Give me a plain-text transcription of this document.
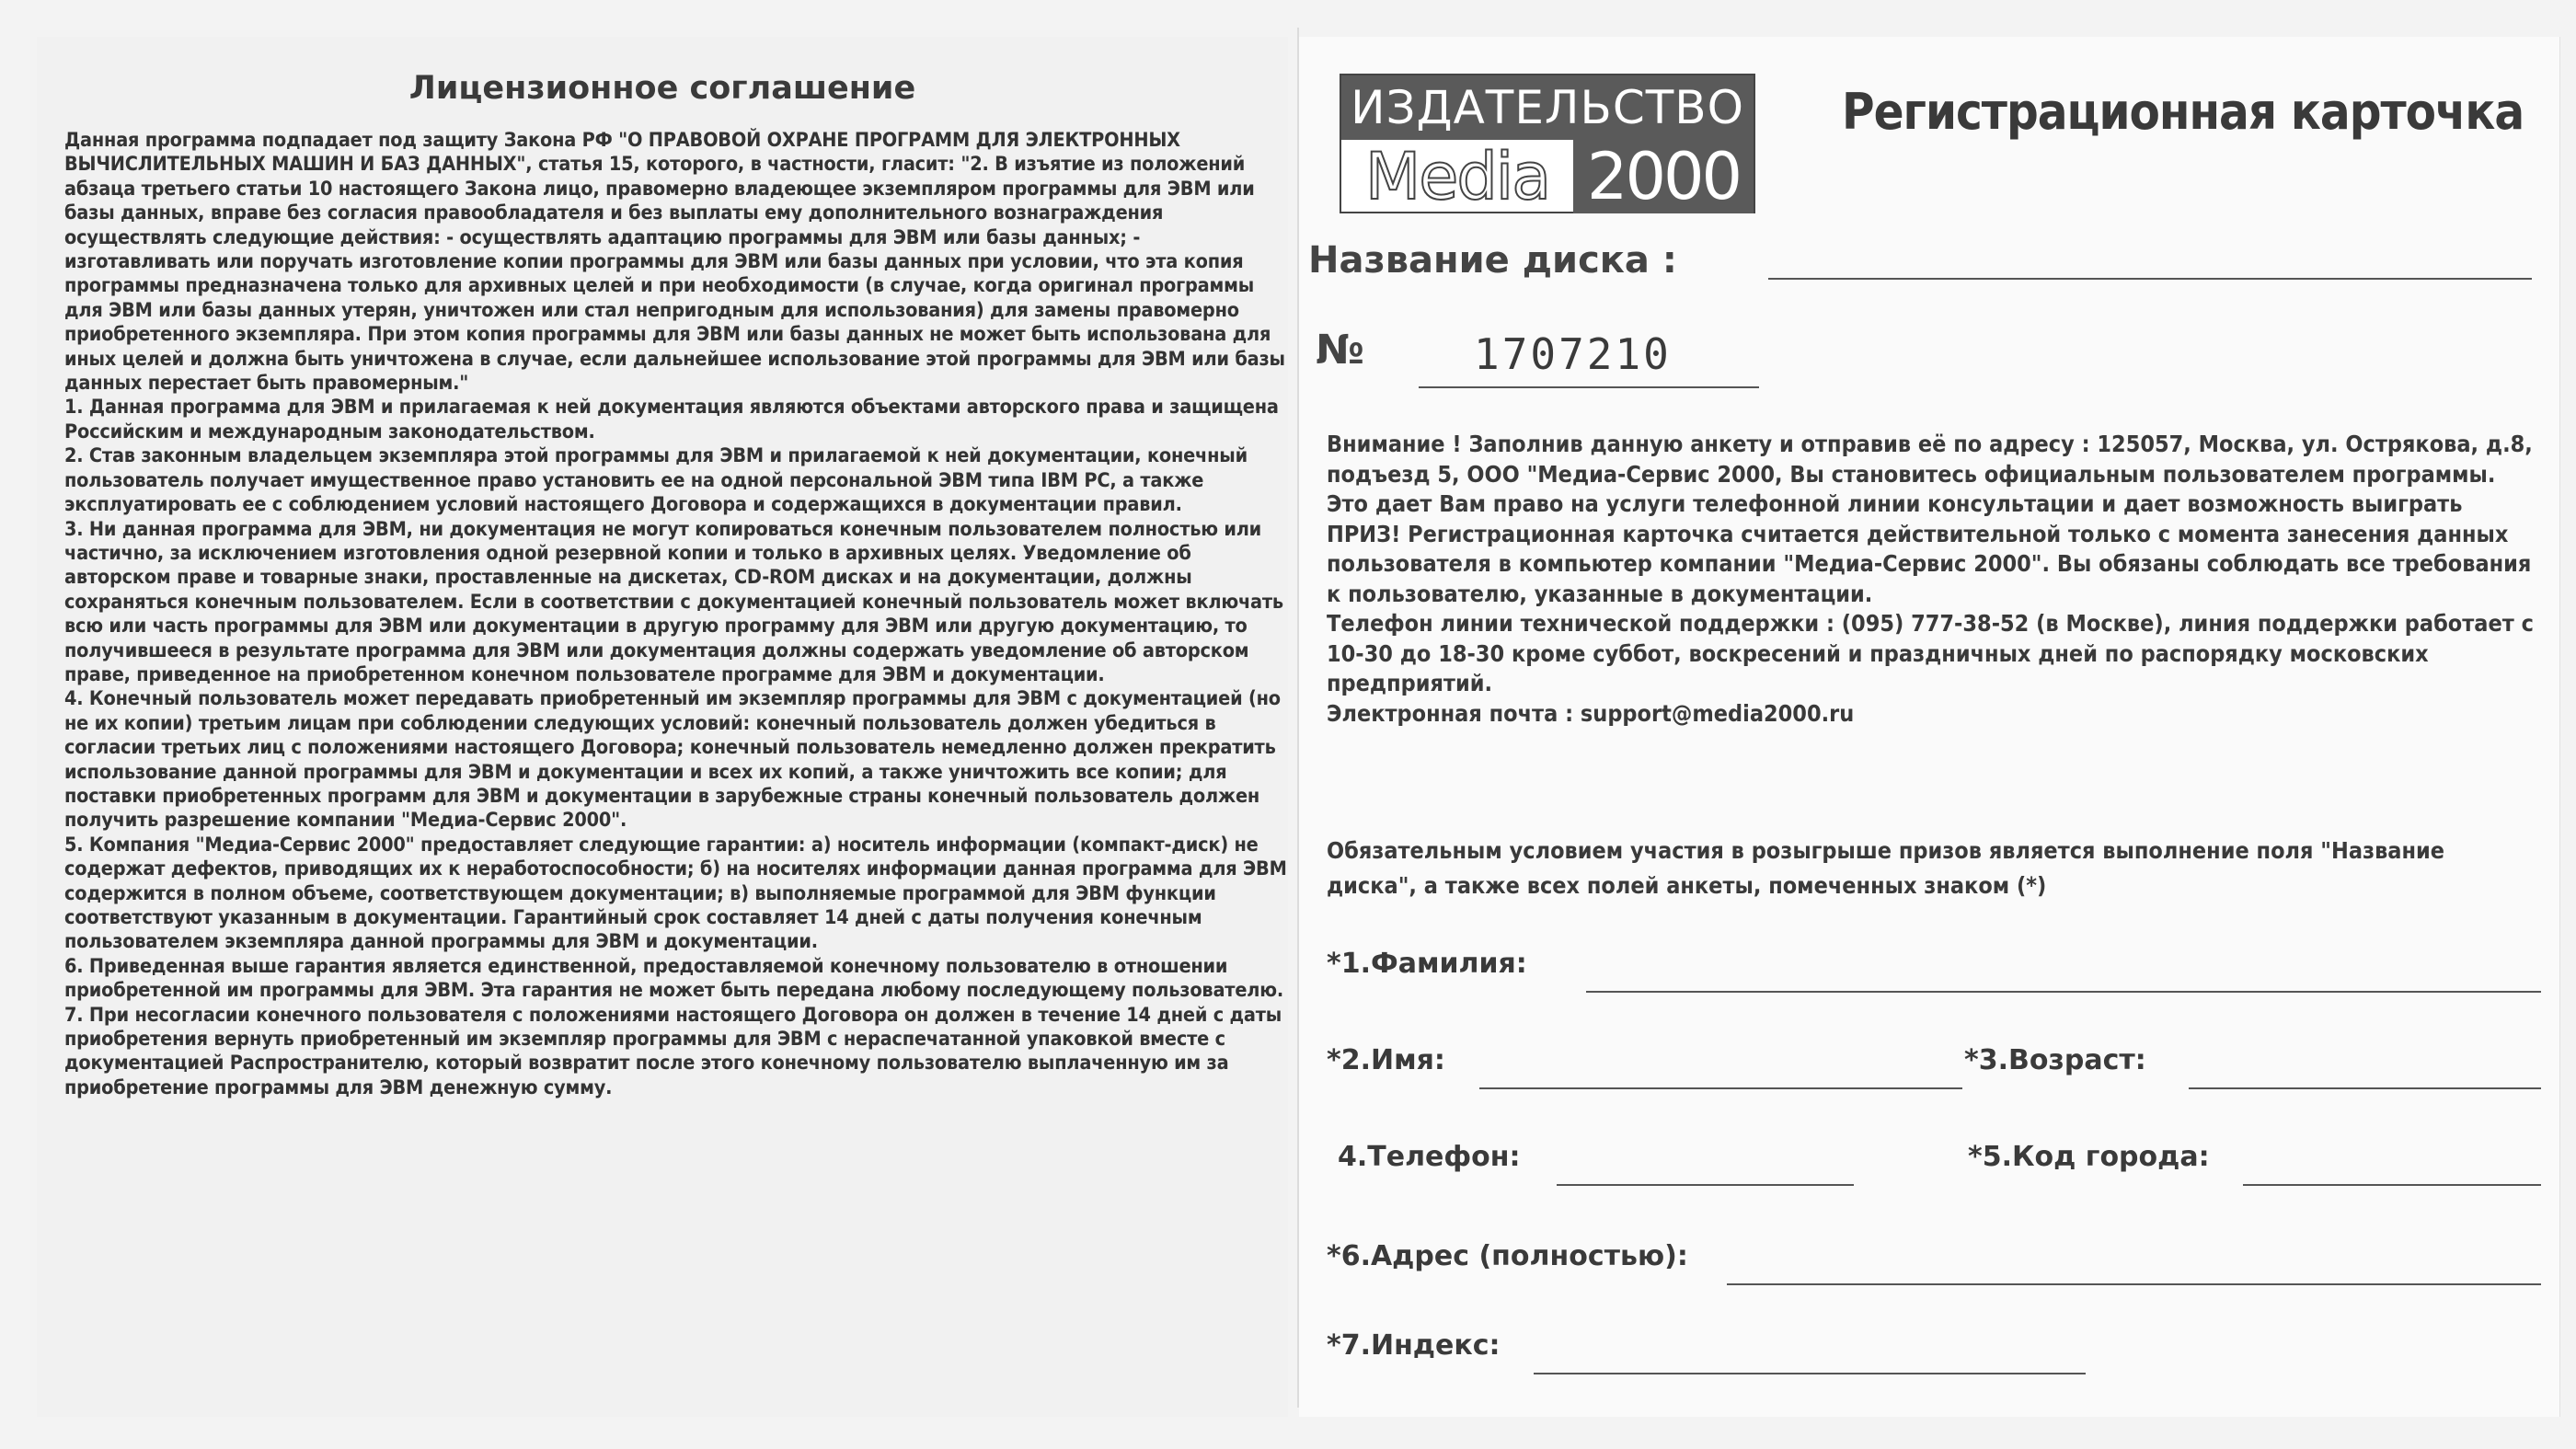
Лицензионное соглашение

Данная программа подпадает под защиту Закона РФ "О ПРАВОВОЙ ОХРАНЕ ПРОГРАММ ДЛЯ ЭЛЕКТРОННЫХ ВЫЧИСЛИТЕЛЬНЫХ МАШИН И БАЗ ДАННЫХ", статья 15, которого, в частности, гласит: "2. В изъятие из положений абзаца третьего статьи 10 настоящего Закона лицо, правомерно владеющее экземпляром программы для ЭВМ или базы данных, вправе без согласия правообладателя и без выплаты ему дополнительного вознаграждения осуществлять следующие действия: - осуществлять адаптацию программы для ЭВМ или базы данных; - изготавливать или поручать изготовление копии программы для ЭВМ или базы данных при условии, что эта копия программы предназначена только для архивных целей и при необходимости (в случае, когда оригинал программы для ЭВМ или базы данных утерян, уничтожен или стал непригодным для использования) для замены правомерно приобретенного экземпляра. При этом копия программы для ЭВМ или базы данных не может быть использована для иных целей и должна быть уничтожена в случае, если дальнейшее использование этой программы для ЭВМ или базы данных перестает быть правомерным."

1. Данная программа для ЭВМ и прилагаемая к ней документация являются объектами авторского права и защищена Российским и международным законодательством.

2. Став законным владельцем экземпляра этой программы для ЭВМ и прилагаемой к ней документации, конечный пользователь получает имущественное право установить ее на одной персональной ЭВМ типа IBM PC, а также эксплуатировать ее с соблюдением условий настоящего Договора и содержащихся в документации правил.

3. Ни данная программа для ЭВМ, ни документация не могут копироваться конечным пользователем полностью или частично, за исключением изготовления одной резервной копии и только в архивных целях. Уведомление об авторском праве и товарные знаки, проставленные на дискетах, CD-ROM дисках и на документации, должны сохраняться конечным пользователем. Если в соответствии с документацией конечный пользователь может включать всю или часть программы для ЭВМ или документации в другую программу для ЭВМ или другую документацию, то получившееся в результате программа для ЭВМ или документация должны содержать уведомление об авторском праве, приведенное на приобретенном конечном пользователе программе для ЭВМ и документации.

4. Конечный пользователь может передавать приобретенный им экземпляр программы для ЭВМ с документацией (но не их копии) третьим лицам при соблюдении следующих условий: конечный пользователь должен убедиться в согласии третьих лиц с положениями настоящего Договора; конечный пользователь немедленно должен прекратить использование данной программы для ЭВМ и документации и всех их копий, а также уничтожить все копии; для поставки приобретенных программ для ЭВМ и документации в зарубежные страны конечный пользователь должен получить разрешение компании "Медиа-Сервис 2000".

5. Компания "Медиа-Сервис 2000" предоставляет следующие гарантии: а) носитель информации (компакт-диск) не содержат дефектов, приводящих их к неработоспособности; б) на носителях информации данная программа для ЭВМ содержится в полном объеме, соответствующем документации; в) выполняемые программой для ЭВМ функции соответствуют указанным в документации. Гарантийный срок составляет 14 дней с даты получения конечным пользователем экземпляра данной программы для ЭВМ и документации.

6. Приведенная выше гарантия является единственной, предоставляемой конечному пользователю в отношении приобретенной им программы для ЭВМ. Эта гарантия не может быть передана любому последующему пользователю.

7. При несогласии конечного пользователя с положениями настоящего Договора он должен в течение 14 дней с даты приобретения вернуть приобретенный им экземпляр программы для ЭВМ с нераспечатанной упаковкой вместе с документацией Распространителю, который возвратит после этого конечному пользователю выплаченную им за приобретение программы для ЭВМ денежную сумму.

ИЗДАТЕЛЬСТВО
Media 2000
Регистрационная карточка
Название диска :
№	1707210

Внимание ! Заполнив данную анкету и отправив её по адресу : 125057, Москва, ул. Острякова, д.8, подъезд 5, ООО "Медиа-Сервис 2000, Вы становитесь официальным пользователем программы. Это дает Вам право на услуги телефонной линии консультации и дает возможность выиграть ПРИЗ! Регистрационная карточка считается действительной только с момента занесения данных пользователя в компьютер компании "Медиа-Сервис 2000". Вы обязаны соблюдать все требования к пользователю, указанные в документации.

Телефон линии технической поддержки : (095) 777-38-52 (в Москве), линия поддержки работает с 10-30 до 18-30 кроме суббот, воскресений и праздничных дней по распорядку московских предприятий.

Электронная почта : support@media2000.ru

Обязательным условием участия в розыгрыше призов является выполнение поля "Название диска", а также всех полей анкеты, помеченных знаком (*)
*1.Фамилия:
*2.Имя:	*3.Возраст:
4.Телефон:	*5.Код города:
*6.Адрес (полностью):
*7.Индекс:
